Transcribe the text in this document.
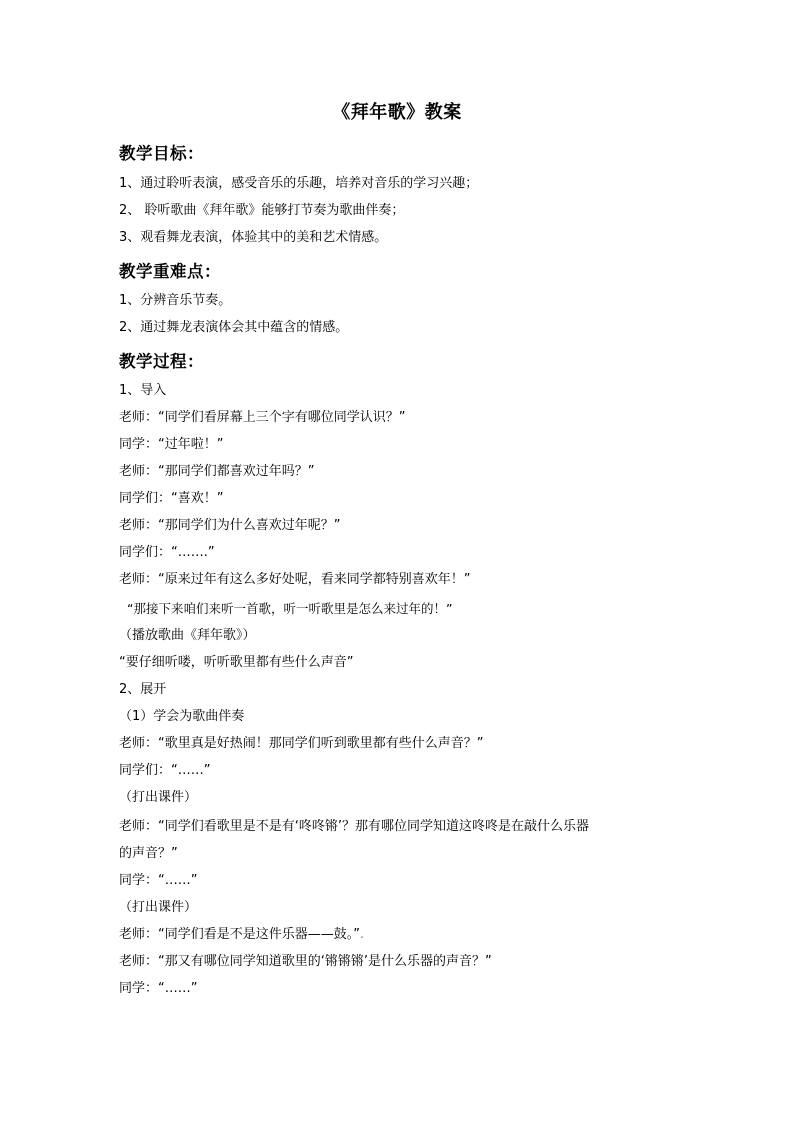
《拜年歌》教案
教学目标：
1、通过聆听表演，感受音乐的乐趣，培养对音乐的学习兴趣；
2、 聆听歌曲《拜年歌》能够打节奏为歌曲伴奏；
3、观看舞龙表演，体验其中的美和艺术情感。
教学重难点：
1、分辨音乐节奏。
2、通过舞龙表演体会其中蕴含的情感。
教学过程：
1、导入
老师：“同学们看屏幕上三个字有哪位同学认识？”
同学：“过年啦！”
老师：“那同学们都喜欢过年吗？”
同学们：“喜欢！”
老师：“那同学们为什么喜欢过年呢？”
同学们：“…….”
老师：“原来过年有这么多好处呢，看来同学都特别喜欢年！”
“那接下来咱们来听一首歌，听一听歌里是怎么来过年的！”
（播放歌曲《拜年歌》）
“要仔细听喽，听听歌里都有些什么声音”
2、展开
（1）学会为歌曲伴奏
老师：“歌里真是好热闹！那同学们听到歌里都有些什么声音？”
同学们：“……”
（打出课件）
老师：“同学们看歌里是不是有‘咚咚锵’？那有哪位同学知道这咚咚是在敲什么乐器
的声音？”
同学：“……”
（打出课件）
老师：“同学们看是不是这件乐器——鼓。”.
老师：“那又有哪位同学知道歌里的‘锵锵锵’是什么乐器的声音？”
同学：“……”
